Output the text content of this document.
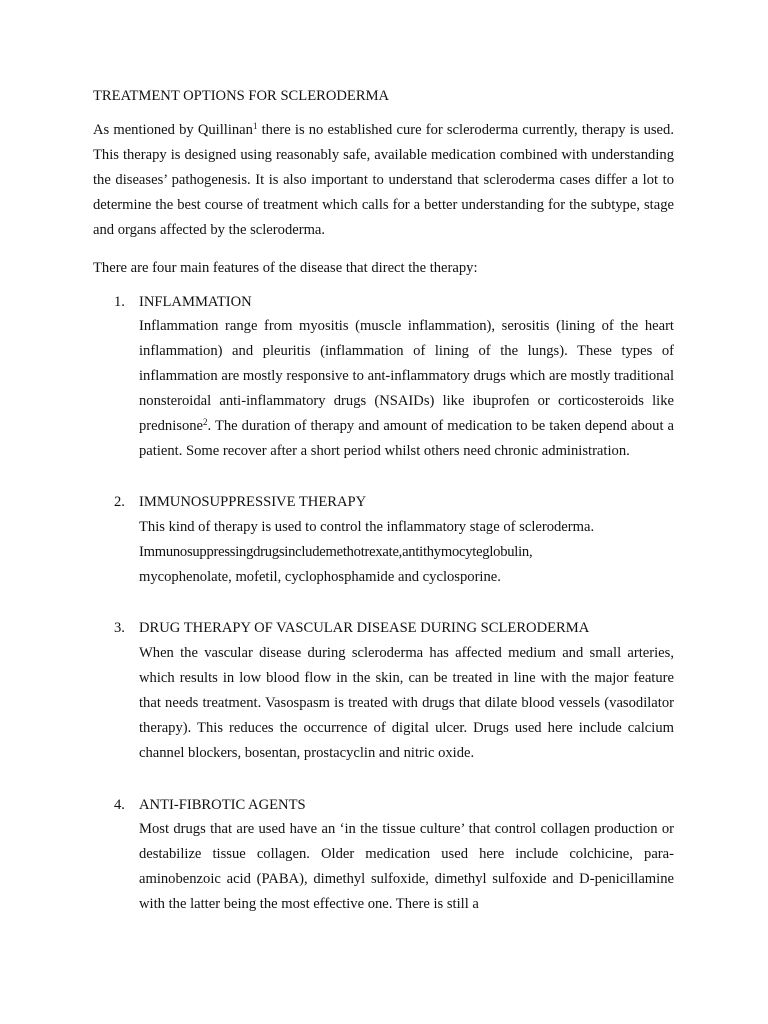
TREATMENT OPTIONS FOR SCLERODERMA
As mentioned by Quillinan$^1$ there is no established cure for scleroderma currently, therapy is used. This therapy is designed using reasonably safe, available medication combined with understanding the diseases’ pathogenesis. It is also important to understand that scleroderma cases differ a lot to determine the best course of treatment which calls for a better understanding for the subtype, stage and organs affected by the scleroderma.
There are four main features of the disease that direct the therapy:
1. INFLAMMATION
Inflammation range from myositis (muscle inflammation), serositis (lining of the heart inflammation) and pleuritis (inflammation of lining of the lungs). These types of inflammation are mostly responsive to ant-inflammatory drugs which are mostly traditional nonsteroidal anti-inflammatory drugs (NSAIDs) like ibuprofen or corticosteroids like prednisone$^2$. The duration of therapy and amount of medication to be taken depend about a patient. Some recover after a short period whilst others need chronic administration.
2. IMMUNOSUPPRESSIVE THERAPY
This kind of therapy is used to control the inflammatory stage of scleroderma.
Immunosuppressingdrugsincludemethotrexate,antithymocyteglobulin,
mycophenolate, mofetil, cyclophosphamide and cyclosporine.
3. DRUG THERAPY OF VASCULAR DISEASE DURING SCLERODERMA
When the vascular disease during scleroderma has affected medium and small arteries, which results in low blood flow in the skin, can be treated in line with the major feature that needs treatment. Vasospasm is treated with drugs that dilate blood vessels (vasodilator therapy). This reduces the occurrence of digital ulcer. Drugs used here include calcium channel blockers, bosentan, prostacyclin and nitric oxide.
4. ANTI-FIBROTIC AGENTS
Most drugs that are used have an ‘in the tissue culture’ that control collagen production or destabilize tissue collagen. Older medication used here include colchicine, para-aminobenzoic acid (PABA), dimethyl sulfoxide, dimethyl sulfoxide and D-penicillamine with the latter being the most effective one. There is still a
